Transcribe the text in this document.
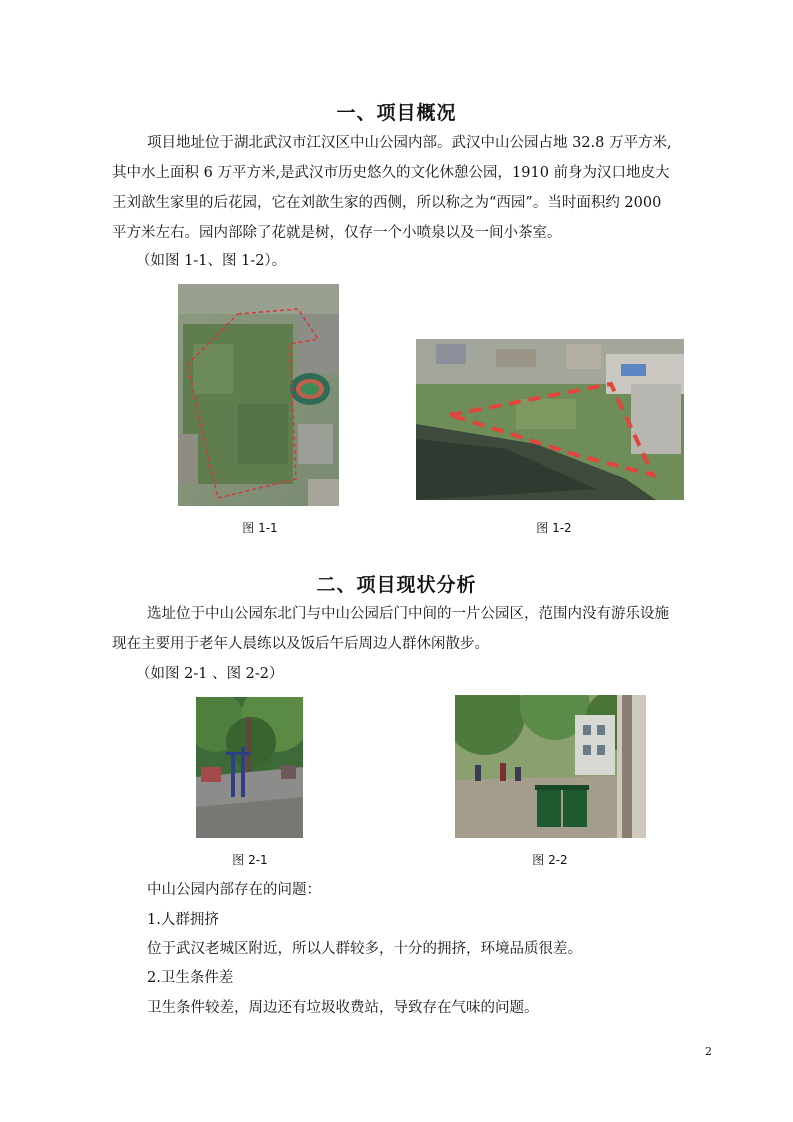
一、项目概况
项目地址位于湖北武汉市江汉区中山公园内部。武汉中山公园占地 32.8 万平方米,
其中水上面积 6 万平方米,是武汉市历史悠久的文化休憩公园，1910 前身为汉口地皮大
王刘歆生家里的后花园，它在刘歆生家的西侧，所以称之为“西园”。当时面积约 2000
平方米左右。园内部除了花就是树，仅存一个小喷泉以及一间小茶室。
（如图 1-1、图 1-2）。
图 1-1	图 1-2
二、项目现状分析
选址位于中山公园东北门与中山公园后门中间的一片公园区，范围内没有游乐设施
现在主要用于老年人晨练以及饭后午后周边人群休闲散步。
（如图 2-1 、图 2-2）
图 2-1	图 2-2
中山公园内部存在的问题：
1.人群拥挤
位于武汉老城区附近，所以人群较多，十分的拥挤，环境品质很差。
2.卫生条件差
卫生条件较差，周边还有垃圾收费站，导致存在气味的问题。
2
